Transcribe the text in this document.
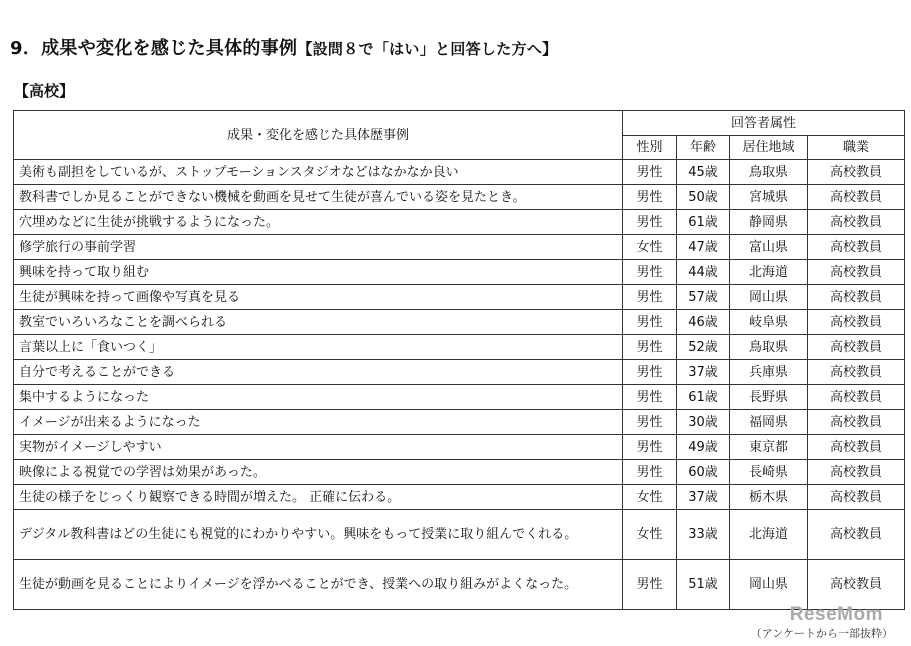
9．成果や変化を感じた具体的事例【設問８で「はい」と回答した方へ】
【高校】
成果・変化を感じた具体歴事例	回答者属性			
	性別	年齢	居住地域	職業
美術も副担をしているが、ストップモーションスタジオなどはなかなか良い	男性	45歳	鳥取県	高校教員
教科書でしか見ることができない機械を動画を見せて生徒が喜んでいる姿を見たとき。	男性	50歳	宮城県	高校教員
穴埋めなどに生徒が挑戦するようになった。	男性	61歳	静岡県	高校教員
修学旅行の事前学習	女性	47歳	富山県	高校教員
興味を持って取り組む	男性	44歳	北海道	高校教員
生徒が興味を持って画像や写真を見る	男性	57歳	岡山県	高校教員
教室でいろいろなことを調べられる	男性	46歳	岐阜県	高校教員
言葉以上に「食いつく」	男性	52歳	鳥取県	高校教員
自分で考えることができる	男性	37歳	兵庫県	高校教員
集中するようになった	男性	61歳	長野県	高校教員
イメージが出来るようになった	男性	30歳	福岡県	高校教員
実物がイメージしやすい	男性	49歳	東京都	高校教員
映像による視覚での学習は効果があった。	男性	60歳	長崎県	高校教員
生徒の様子をじっくり観察できる時間が増えた。 正確に伝わる。	女性	37歳	栃木県	高校教員
デジタル教科書はどの生徒にも視覚的にわかりやすい。興味をもって授業に取り組んでくれる。	女性	33歳	北海道	高校教員
生徒が動画を見ることによりイメージを浮かべることができ、授業への取り組みがよくなった。	男性	51歳	岡山県	高校教員
ReseMom
（アンケートから一部抜粋）
